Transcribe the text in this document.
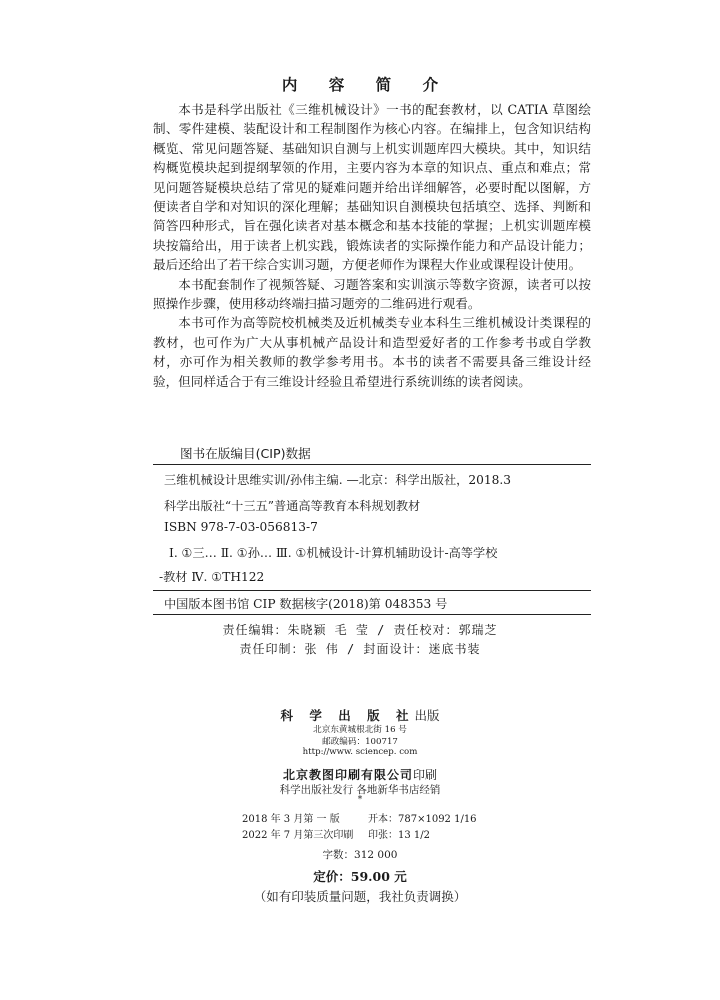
内 容 简 介

本书是科学出版社《三维机械设计》一书的配套教材，以 CATIA 草图绘制、零件建模、装配设计和工程制图作为核心内容。在编排上，包含知识结构概览、常见问题答疑、基础知识自测与上机实训题库四大模块。其中，知识结构概览模块起到提纲挈领的作用，主要内容为本章的知识点、重点和难点；常见问题答疑模块总结了常见的疑难问题并给出详细解答，必要时配以图解，方便读者自学和对知识的深化理解；基础知识自测模块包括填空、选择、判断和简答四种形式，旨在强化读者对基本概念和基本技能的掌握；上机实训题库模块按篇给出，用于读者上机实践，锻炼读者的实际操作能力和产品设计能力；最后还给出了若干综合实训习题，方便老师作为课程大作业或课程设计使用。

本书配套制作了视频答疑、习题答案和实训演示等数字资源，读者可以按照操作步骤，使用移动终端扫描习题旁的二维码进行观看。

本书可作为高等院校机械类及近机械类专业本科生三维机械设计类课程的教材，也可作为广大从事机械产品设计和造型爱好者的工作参考书或自学教材，亦可作为相关教师的教学参考用书。本书的读者不需要具备三维设计经验，但同样适合于有三维设计经验且希望进行系统训练的读者阅读。

图书在版编目(CIP)数据
三维机械设计思维实训/孙伟主编. —北京：科学出版社，2018.3
科学出版社“十三五”普通高等教育本科规划教材
ISBN 978-7-03-056813-7
Ⅰ. ①三… Ⅱ. ①孙… Ⅲ. ①机械设计-计算机辅助设计-高等学校
-教材 Ⅳ. ①TH122
中国版本图书馆 CIP 数据核字(2018)第 048353 号
责任编辑：朱晓颖 毛 莹 / 责任校对：郭瑞芝
责任印制：张 伟 / 封面设计：迷底书装
科 学 出 版 社出版
北京东黄城根北街 16 号
邮政编码：100717
http://www. sciencep. com
北京教图印刷有限公司印刷
科学出版社发行 各地新华书店经销
*
2018 年 3 月第 一 版	开本：787×1092 1/16
2022 年 7 月第三次印刷 印张：13 1/2
字数：312 000
定价：59.00 元
（如有印装质量问题，我社负责调换）
